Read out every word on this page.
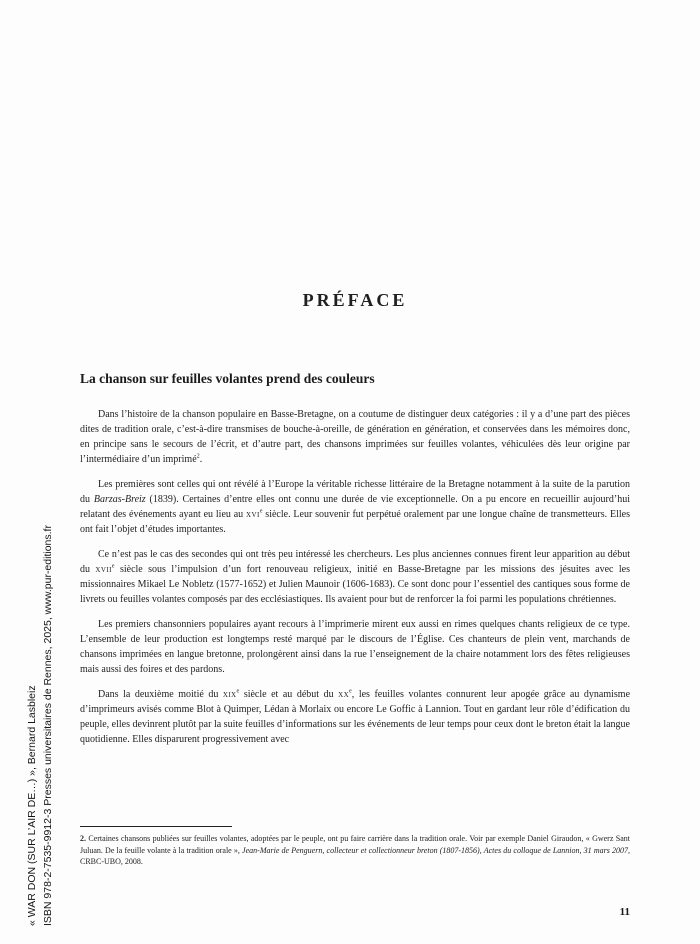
« WAR DON (SUR L’AIR DE…) », Bernard Lasbleiz ISBN 978-2-7535-9912-3 Presses universitaires de Rennes, 2025, www.pur-editions.fr
PRÉFACE
La chanson sur feuilles volantes prend des couleurs

Dans l’histoire de la chanson populaire en Basse-Bretagne, on a coutume de distinguer deux catégories : il y a d’une part des pièces dites de tradition orale, c’est-à-dire transmises de bouche-à-oreille, de génération en génération, et conservées dans les mémoires donc, en principe sans le secours de l’écrit, et d’autre part, des chansons imprimées sur feuilles volantes, véhiculées dès leur origine par l’intermédiaire d’un imprimé$^2$.

Les premières sont celles qui ont révélé à l’Europe la véritable richesse littéraire de la Bretagne notamment à la suite de la parution du Barzas-Breiz (1839). Certaines d’entre elles ont connu une durée de vie exceptionnelle. On a pu encore en recueillir aujourd’hui relatant des événements ayant eu lieu au xvi$^e$ siècle. Leur souvenir fut perpétué oralement par une longue chaîne de transmetteurs. Elles ont fait l’objet d’études importantes.

Ce n’est pas le cas des secondes qui ont très peu intéressé les chercheurs. Les plus anciennes connues firent leur apparition au début du xvii$^e$ siècle sous l’impulsion d’un fort renouveau religieux, initié en Basse-Bretagne par les missions des jésuites avec les missionnaires Mikael Le Nobletz (1577-1652) et Julien Maunoir (1606-1683). Ce sont donc pour l’essentiel des cantiques sous forme de livrets ou feuilles volantes composés par des ecclésiastiques. Ils avaient pour but de renforcer la foi parmi les populations chrétiennes.

Les premiers chansonniers populaires ayant recours à l’imprimerie mirent eux aussi en rimes quelques chants religieux de ce type. L’ensemble de leur production est longtemps resté marqué par le discours de l’Église. Ces chanteurs de plein vent, marchands de chansons imprimées en langue bretonne, prolongèrent ainsi dans la rue l’enseignement de la chaire notamment lors des fêtes religieuses mais aussi des foires et des pardons.

Dans la deuxième moitié du xix$^e$ siècle et au début du $xx^e$, les feuilles volantes connurent leur apogée grâce au dynamisme d’imprimeurs avisés comme Blot à Quimper, Lédan à Morlaix ou encore Le Goffic à Lannion. Tout en gardant leur rôle d’édification du peuple, elles devinrent plutôt par la suite feuilles d’informations sur les événements de leur temps pour ceux dont le breton était la langue quotidienne. Elles disparurent progressivement avec

2. Certaines chansons publiées sur feuilles volantes, adoptées par le peuple, ont pu faire carrière dans la tradition orale. Voir par exemple Daniel Giraudon, « Gwerz Sant Juluan. De la feuille volante à la tradition orale », Jean-Marie de Penguern, collecteur et collectionneur breton (1807-1856), Actes du colloque de Lannion, 31 mars 2007, CRBC-UBO, 2008.

11
